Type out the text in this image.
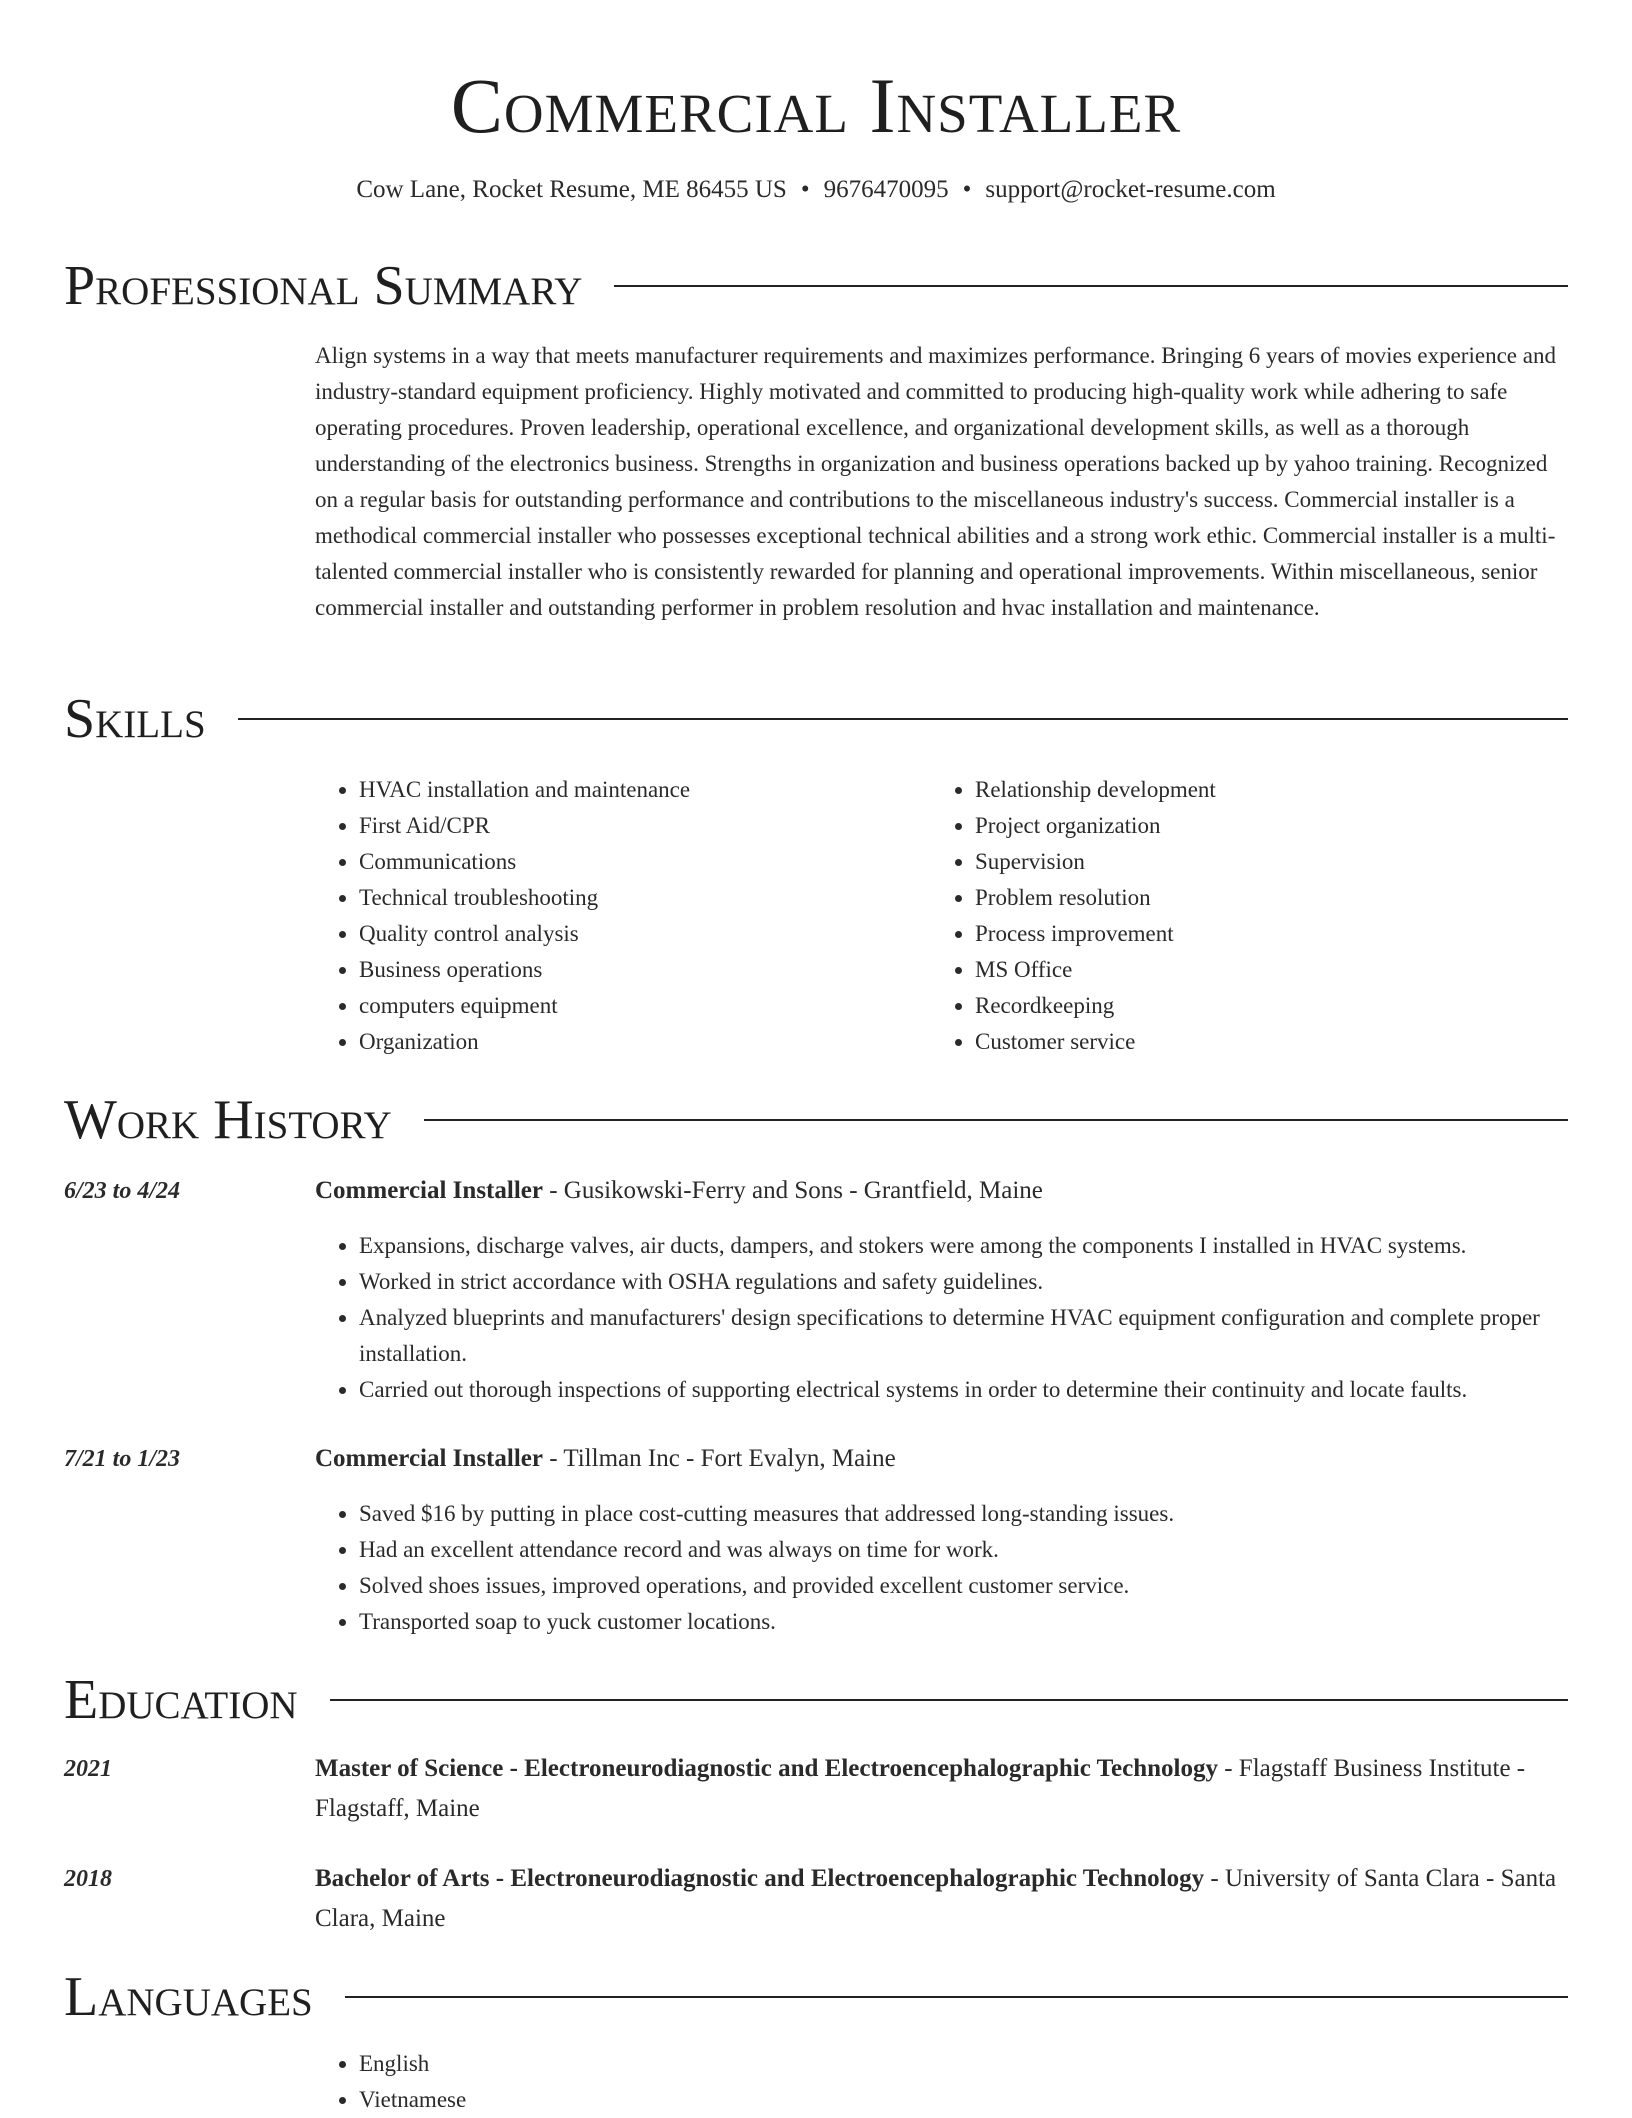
Commercial Installer
Cow Lane, Rocket Resume, ME 86455 US • 9676470095 • support@rocket-resume.com
Professional Summary

Align systems in a way that meets manufacturer requirements and maximizes performance. Bringing 6 years of movies experience and industry-standard equipment proficiency. Highly motivated and committed to producing high-quality work while adhering to safe operating procedures. Proven leadership, operational excellence, and organizational development skills, as well as a thorough understanding of the electronics business. Strengths in organization and business operations backed up by yahoo training. Recognized on a regular basis for outstanding performance and contributions to the miscellaneous industry's success. Commercial installer is a methodical commercial installer who possesses exceptional technical abilities and a strong work ethic. Commercial installer is a multi-talented commercial installer who is consistently rewarded for planning and operational improvements. Within miscellaneous, senior commercial installer and outstanding performer in problem resolution and hvac installation and maintenance.

Skills
• HVAC installation and maintenance
• First Aid/CPR
• Communications
• Technical troubleshooting
• Quality control analysis
• Business operations
• computers equipment
• Organization
• Relationship development
• Project organization
• Supervision
• Problem resolution
• Process improvement
• MS Office
• Recordkeeping
• Customer service
Work History
6/23 to 4/24	Commercial Installer - Gusikowski-Ferry and Sons - Grantfield, Maine
• Expansions, discharge valves, air ducts, dampers, and stokers were among the components I installed in HVAC systems.
• Worked in strict accordance with OSHA regulations and safety guidelines.
• Analyzed blueprints and manufacturers' design specifications to determine HVAC equipment configuration and complete proper installation.
• Carried out thorough inspections of supporting electrical systems in order to determine their continuity and locate faults.
7/21 to 1/23	Commercial Installer - Tillman Inc - Fort Evalyn, Maine
• Saved $16 by putting in place cost-cutting measures that addressed long-standing issues.
• Had an excellent attendance record and was always on time for work.
• Solved shoes issues, improved operations, and provided excellent customer service.
• Transported soap to yuck customer locations.
Education
2021	Master of Science - Electroneurodiagnostic and Electroencephalographic Technology - Flagstaff Business Institute - Flagstaff, Maine
2018	Bachelor of Arts - Electroneurodiagnostic and Electroencephalographic Technology - University of Santa Clara - Santa Clara, Maine
Languages
• English
• Vietnamese
